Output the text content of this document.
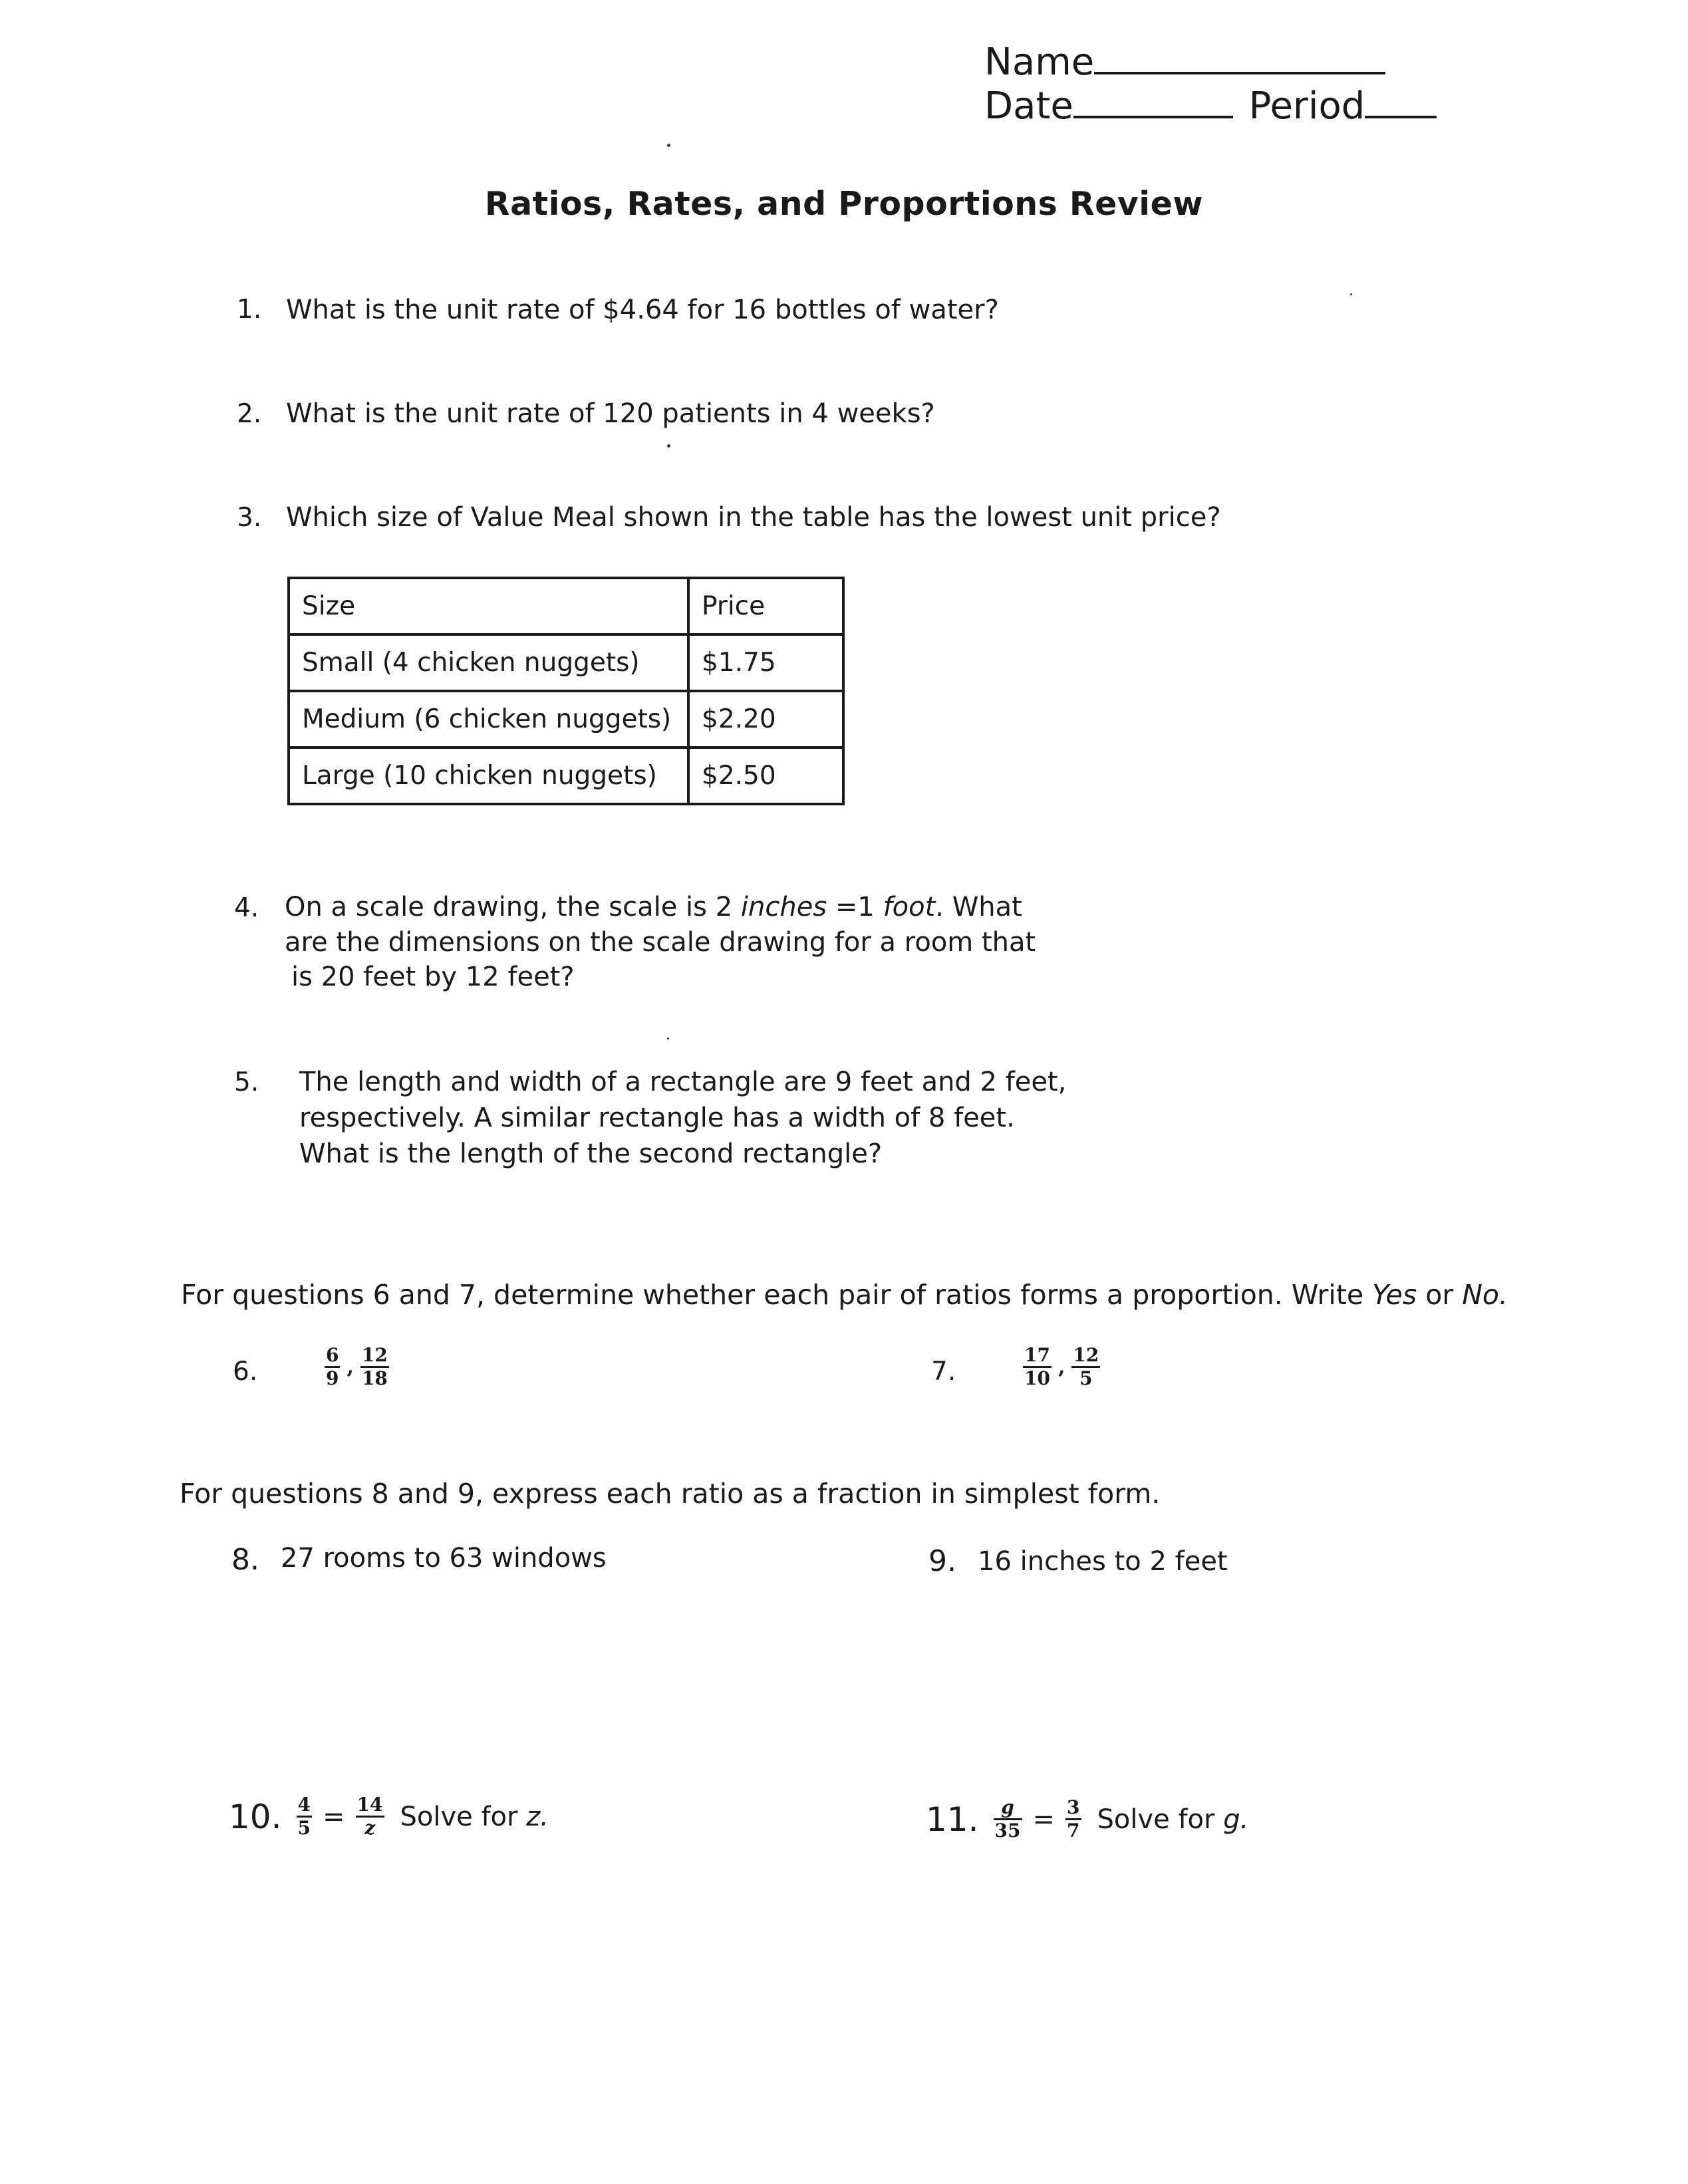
Name
Date	Period
Ratios, Rates, and Proportions Review
1. What is the unit rate of $4.64 for 16 bottles of water?
2. What is the unit rate of 120 patients in 4 weeks?
3. Which size of Value Meal shown in the table has the lowest unit price?
Size	Price
Small (4 chicken nuggets)	$1.75
Medium (6 chicken nuggets)	$2.20
Large (10 chicken nuggets)	$2.50
4. On a scale drawing, the scale is 2 inches =1 foot. What
are the dimensions on the scale drawing for a room that
is 20 feet by 12 feet?
5. The length and width of a rectangle are 9 feet and 2 feet,
respectively. A similar rectangle has a width of 8 feet.
What is the length of the second rectangle?
For questions 6 and 7, determine whether each pair of ratios forms a proportion. Write Yes or No.
6.	$\frac{6}{9}$ , $\frac{12}{18}$	7.	$\frac{17}{10}$ , $\frac{12}{5}$
For questions 8 and 9, express each ratio as a fraction in simplest form.
8. 27 rooms to 63 windows	9. 16 inches to 2 feet
10. $\frac{4}{5} = \frac{14}{z}$ Solve for z.	11. $\frac{g}{35} = \frac{3}{7}$ Solve for g.
